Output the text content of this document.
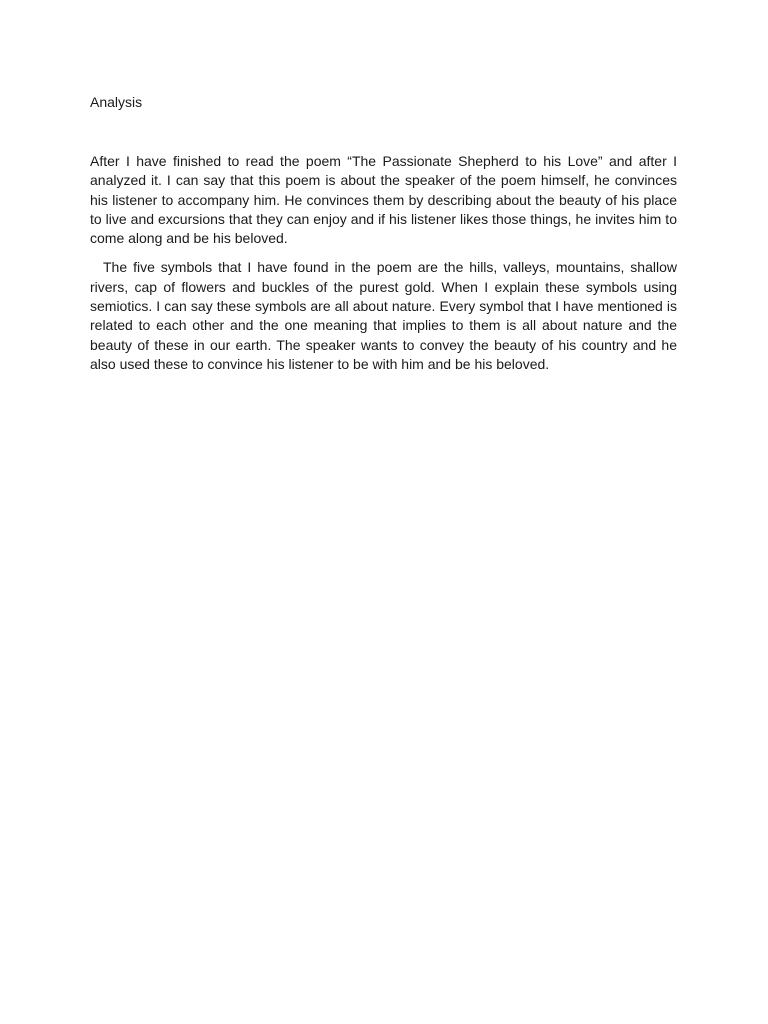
Analysis

After I have finished to read the poem “The Passionate Shepherd to his Love” and after I analyzed it. I can say that this poem is about the speaker of the poem himself, he convinces his listener to accompany him. He convinces them by describing about the beauty of his place to live and excursions that they can enjoy and if his listener likes those things, he invites him to come along and be his beloved.

The five symbols that I have found in the poem are the hills, valleys, mountains, shallow rivers, cap of flowers and buckles of the purest gold. When I explain these symbols using semiotics. I can say these symbols are all about nature. Every symbol that I have mentioned is related to each other and the one meaning that implies to them is all about nature and the beauty of these in our earth. The speaker wants to convey the beauty of his country and he also used these to convince his listener to be with him and be his beloved.
